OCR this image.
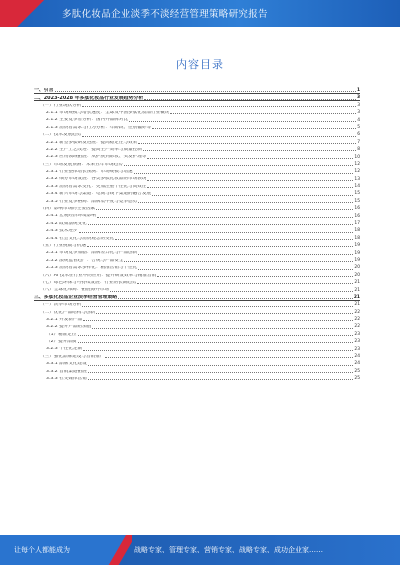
多肽化妆品企业淡季不淡经营管理策略研究报告
内容目录
一、引言	1
二、2023-2028 年多肽化妆品行业发展趋势分析	3
（一）行业现状分析	3
2.1.1 市场规模与增长速度：全球及中国多肽化妆品行业概况	3
2.1.2 主要竞争者分析：国内外品牌对比	4
2.1.3 消费者需求与行为分析：年龄段、性别偏好等	5
（二）技术发展趋势	6
2.2.1 新型多肽研发进展：提高稳定性与效果	7
2.2.2 生产工艺改进：提高生产效率与质量控制	8
2.2.3 应用领域拓展：从护肤到彩妆、头发护理等	10
（三）市场发展预测：未来五年市场趋势	12
2.3.1 行业整体增长预测：市场规模与增速	12
2.3.2 细分市场发展：各类多肽化妆品的市场表现	13
2.3.3 消费者需求变化：更加注重个性化与高效性	14
2.3.4 新兴市场与渠道：电商与线下渠道的融合发展	15
2.3.5 行业竞争格局：品牌集中度与竞争态势	15
（四）影响市场的主要因素	16
2.4.1 宏观经济环境影响	16
2.4.2 政策法规变化	17
2.4.3 技术进步	18
2.4.4 社会文化与消费观念的变化	18
（五）行业挑战与机遇	19
2.5.1 市场竞争加剧：品牌差异化与产品创新	19
2.5.2 法规监管趋严：合规与产品安全	19
2.5.3 消费者需求多样化：精准营销与个性化	20
（六）AI 技术在行业中的应用：提升研发效率与精准营销	20
（七）绿色环保与可持续发展：行业的长期趋势	21
（八）全球化布局：拓展海外市场	21
三、多肽化妆品企业淡季经营管理策略	21
（一）淡季市场分析	21
（二）优化产品结构与创新	22
3.2.1 开发新产品	22
3.2.2 提升产品附加值	22
（1）精准定位	23
（2）提升品质	23
3.2.3 个性化定制	23
（三）强化品牌建设与营销推广	24
3.3.1 品牌文化建设	24
3.3.2 营销渠道拓展	25
3.3.3 社交媒体营销	25
让每个人都能成为	战略专家、管理专家、营销专家、战略专家、成功企业家……
